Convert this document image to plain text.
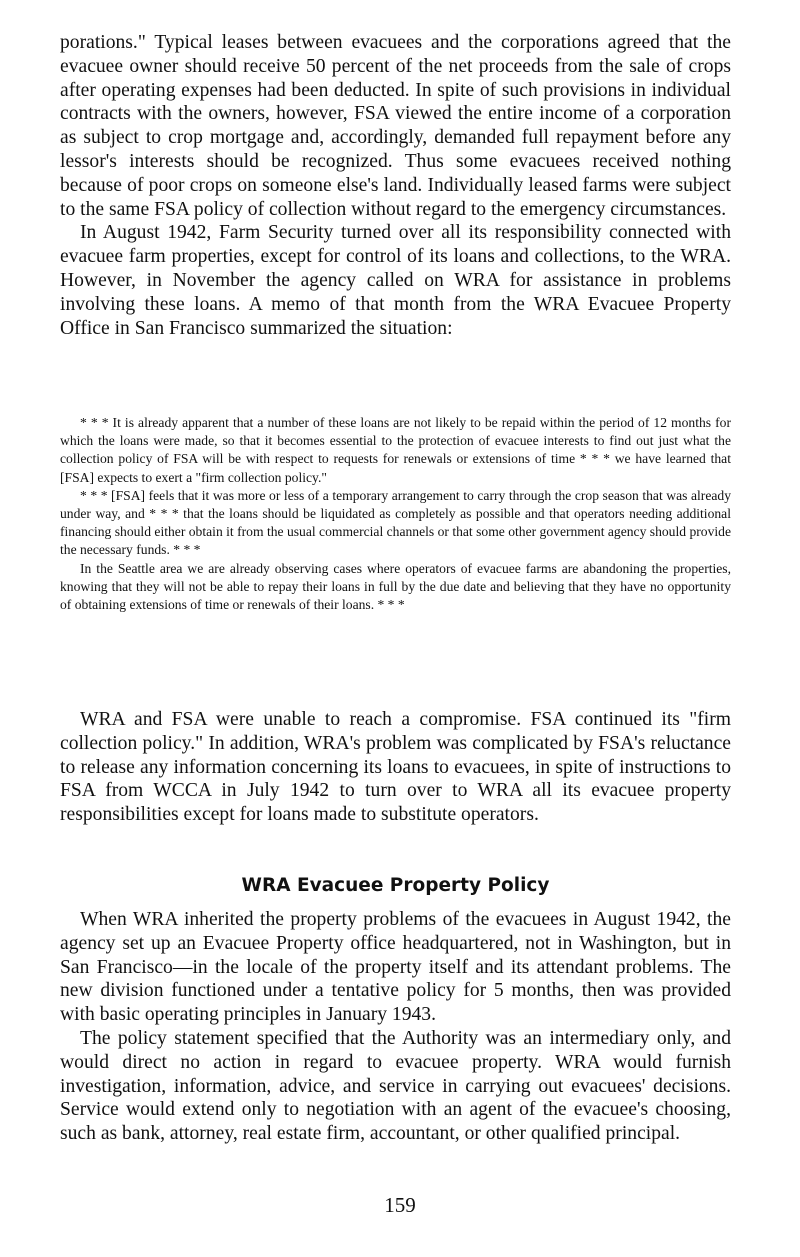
porations." Typical leases between evacuees and the corporations agreed that the evacuee owner should receive 50 percent of the net proceeds from the sale of crops after operating expenses had been deducted. In spite of such provisions in individual contracts with the owners, however, FSA viewed the entire income of a corporation as subject to crop mortgage and, accordingly, demanded full repayment before any lessor's interests should be recognized. Thus some evacuees received nothing because of poor crops on someone else's land. Individually leased farms were subject to the same FSA policy of collection without regard to the emergency circumstances.

In August 1942, Farm Security turned over all its responsibility connected with evacuee farm properties, except for control of its loans and collections, to the WRA. However, in November the agency called on WRA for assistance in problems involving these loans. A memo of that month from the WRA Evacuee Property Office in San Francisco summarized the situation:

* * * It is already apparent that a number of these loans are not likely to be repaid within the period of 12 months for which the loans were made, so that it becomes essential to the protection of evacuee interests to find out just what the collection policy of FSA will be with respect to requests for renewals or extensions of time * * * we have learned that [FSA] expects to exert a "firm collection policy."

* * * [FSA] feels that it was more or less of a temporary arrangement to carry through the crop season that was already under way, and * * * that the loans should be liquidated as completely as possible and that operators needing additional financing should either obtain it from the usual commercial channels or that some other government agency should provide the necessary funds. * * *

In the Seattle area we are already observing cases where operators of evacuee farms are abandoning the properties, knowing that they will not be able to repay their loans in full by the due date and believing that they have no opportunity of obtaining extensions of time or renewals of their loans. * * *

WRA and FSA were unable to reach a compromise. FSA continued its "firm collection policy." In addition, WRA's problem was complicated by FSA's reluctance to release any information concerning its loans to evacuees, in spite of instructions to FSA from WCCA in July 1942 to turn over to WRA all its evacuee property responsibilities except for loans made to substitute operators.

WRA Evacuee Property Policy

When WRA inherited the property problems of the evacuees in August 1942, the agency set up an Evacuee Property office headquartered, not in Washington, but in San Francisco—in the locale of the property itself and its attendant problems. The new division functioned under a tentative policy for 5 months, then was provided with basic operating principles in January 1943.

The policy statement specified that the Authority was an intermediary only, and would direct no action in regard to evacuee property. WRA would furnish investigation, information, advice, and service in carrying out evacuees' decisions. Service would extend only to negotiation with an agent of the evacuee's choosing, such as bank, attorney, real estate firm, accountant, or other qualified principal.

159
